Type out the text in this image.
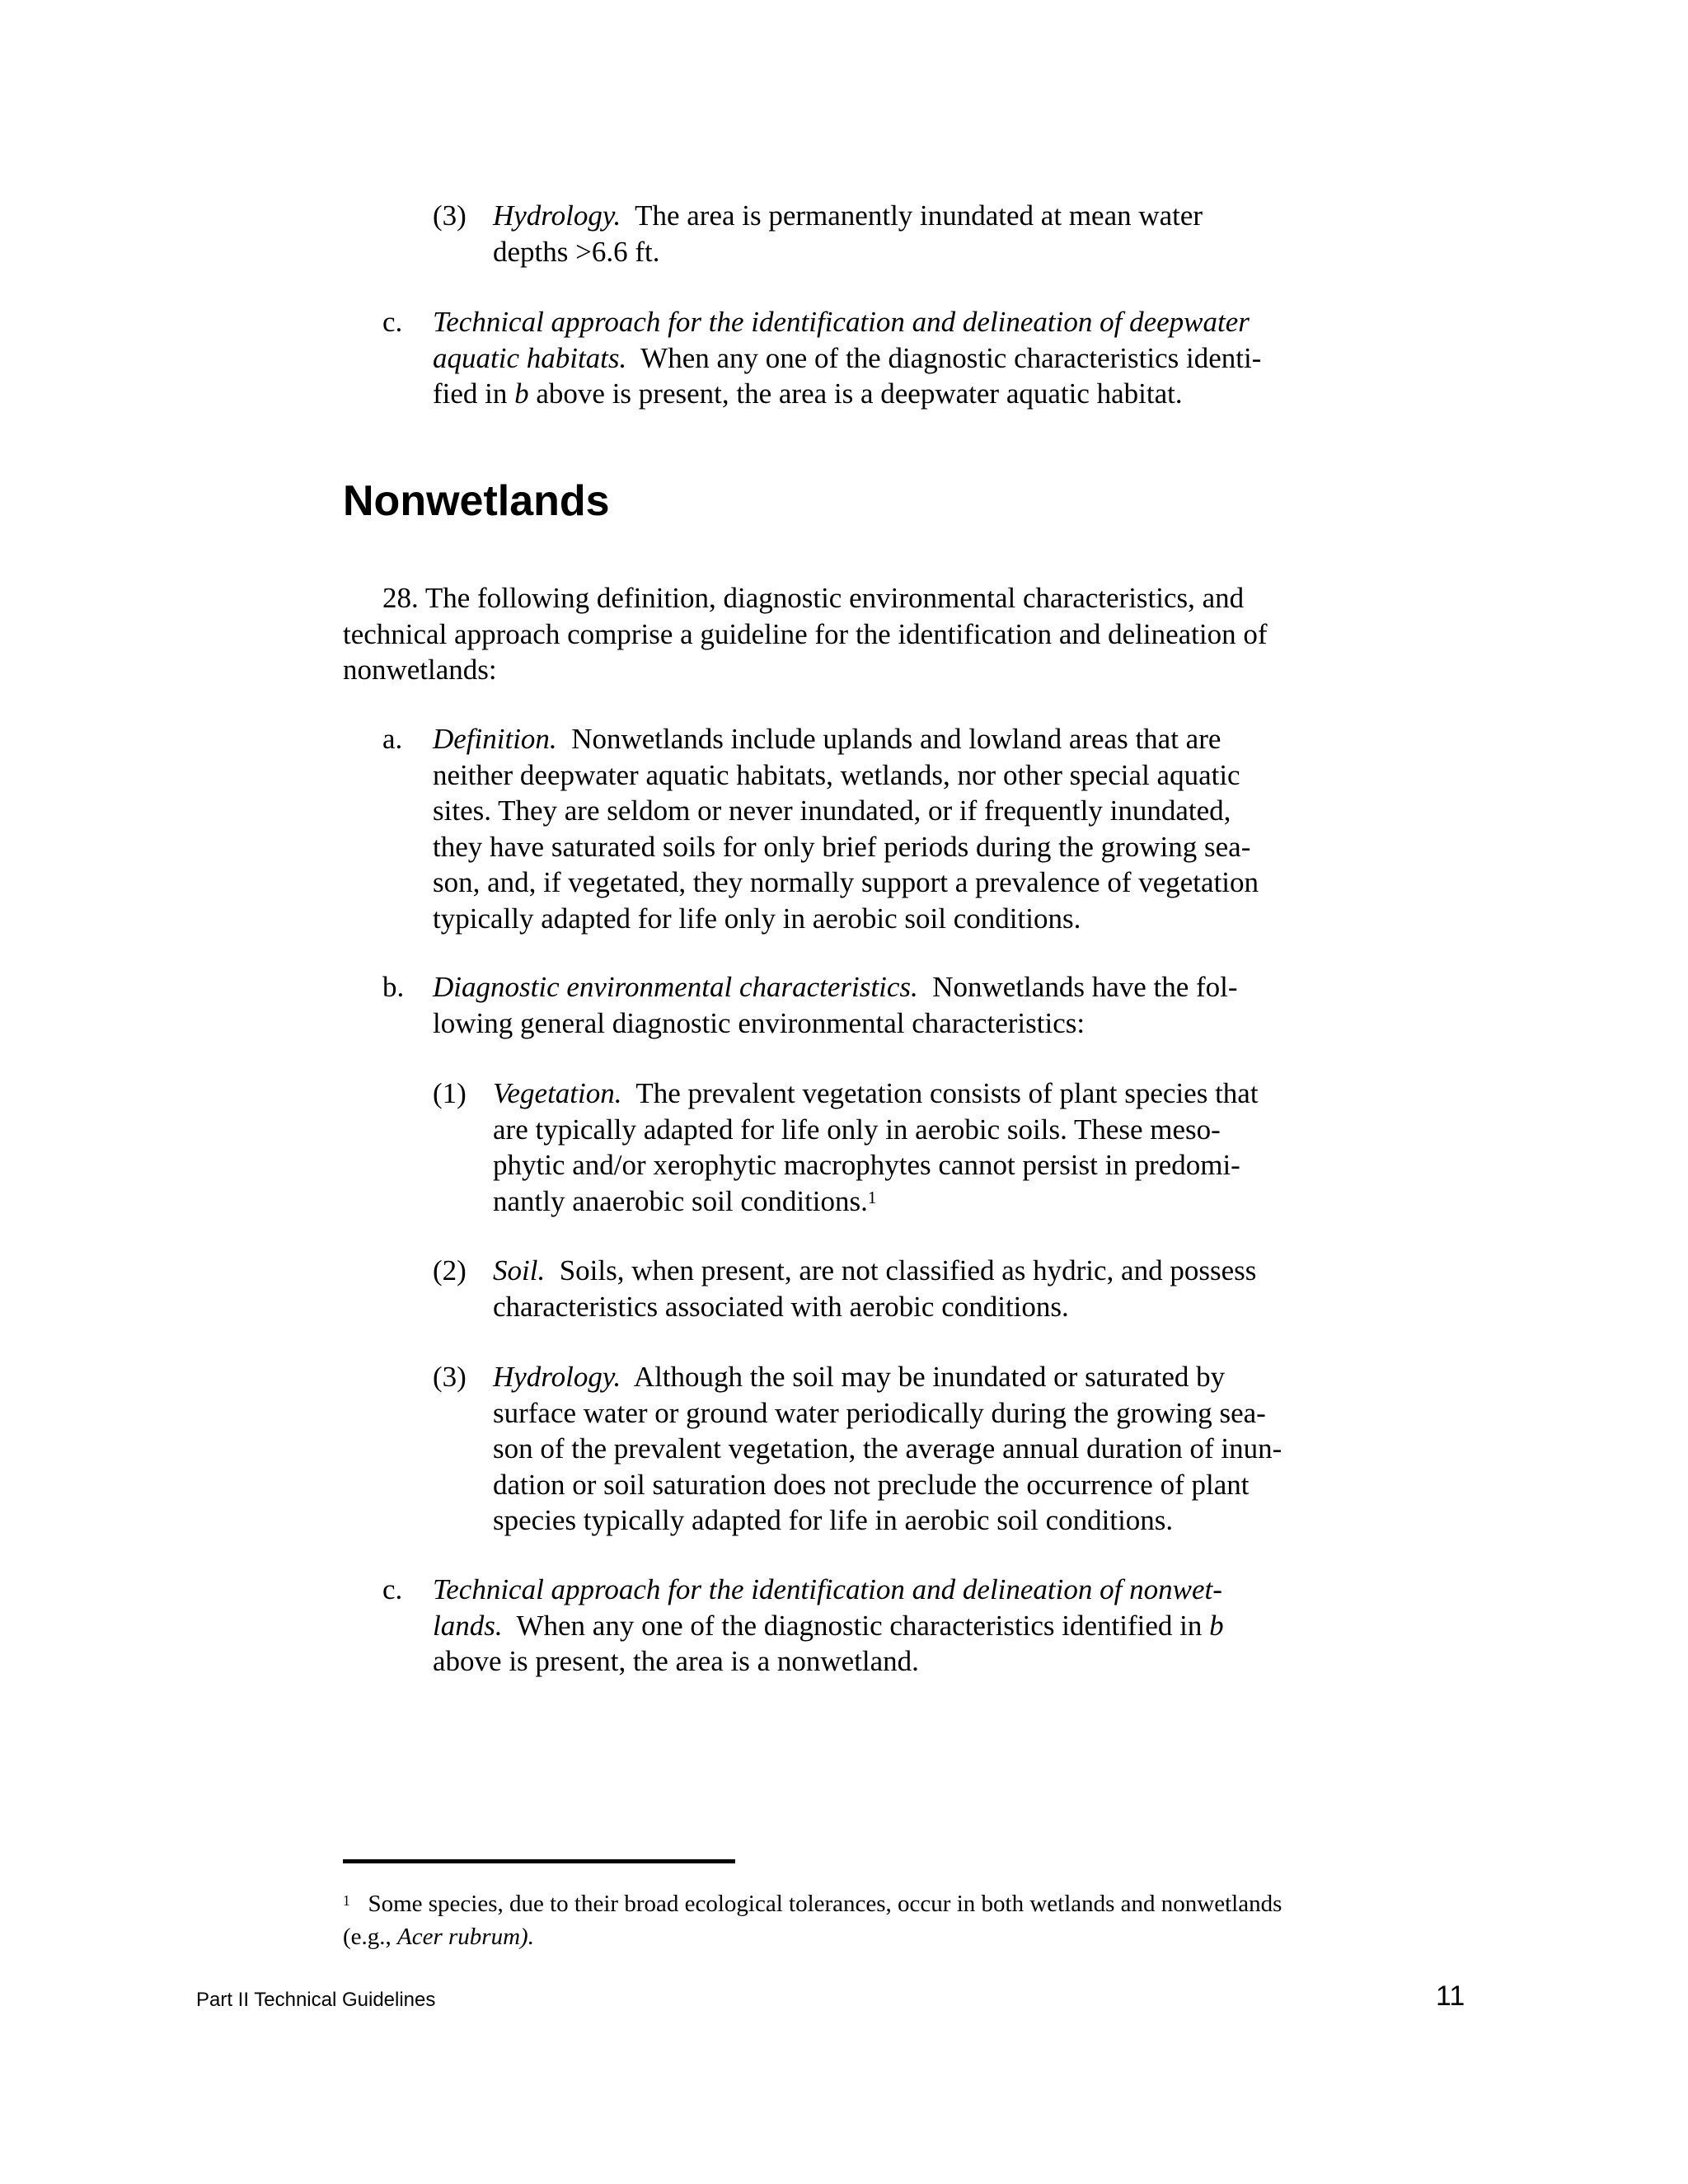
(3) Hydrology. The area is permanently inundated at mean water depths >6.6 ft.
c. Technical approach for the identification and delineation of deepwater aquatic habitats. When any one of the diagnostic characteristics identi- fied in b above is present, the area is a deepwater aquatic habitat.
Nonwetlands
28. The following definition, diagnostic environmental characteristics, and technical approach comprise a guideline for the identification and delineation of nonwetlands:
a. Definition. Nonwetlands include uplands and lowland areas that are neither deepwater aquatic habitats, wetlands, nor other special aquatic sites. They are seldom or never inundated, or if frequently inundated, they have saturated soils for only brief periods during the growing sea- son, and, if vegetated, they normally support a prevalence of vegetation typically adapted for life only in aerobic soil conditions.
b. Diagnostic environmental characteristics. Nonwetlands have the fol- lowing general diagnostic environmental characteristics:
(1) Vegetation. The prevalent vegetation consists of plant species that are typically adapted for life only in aerobic soils. These meso- phytic and/or xerophytic macrophytes cannot persist in predomi- nantly anaerobic soil conditions.$^1$
(2) Soil. Soils, when present, are not classified as hydric, and possess characteristics associated with aerobic conditions.
(3) Hydrology. Although the soil may be inundated or saturated by surface water or ground water periodically during the growing sea- son of the prevalent vegetation, the average annual duration of inun- dation or soil saturation does not preclude the occurrence of plant species typically adapted for life in aerobic soil conditions.
c. Technical approach for the identification and delineation of nonwet- lands. When any one of the diagnostic characteristics identified in b above is present, the area is a nonwetland.
$^1$ Some species, due to their broad ecological tolerances, occur in both wetlands and nonwetlands (e.g., Acer rubrum).
Part II Technical Guidelines	11
